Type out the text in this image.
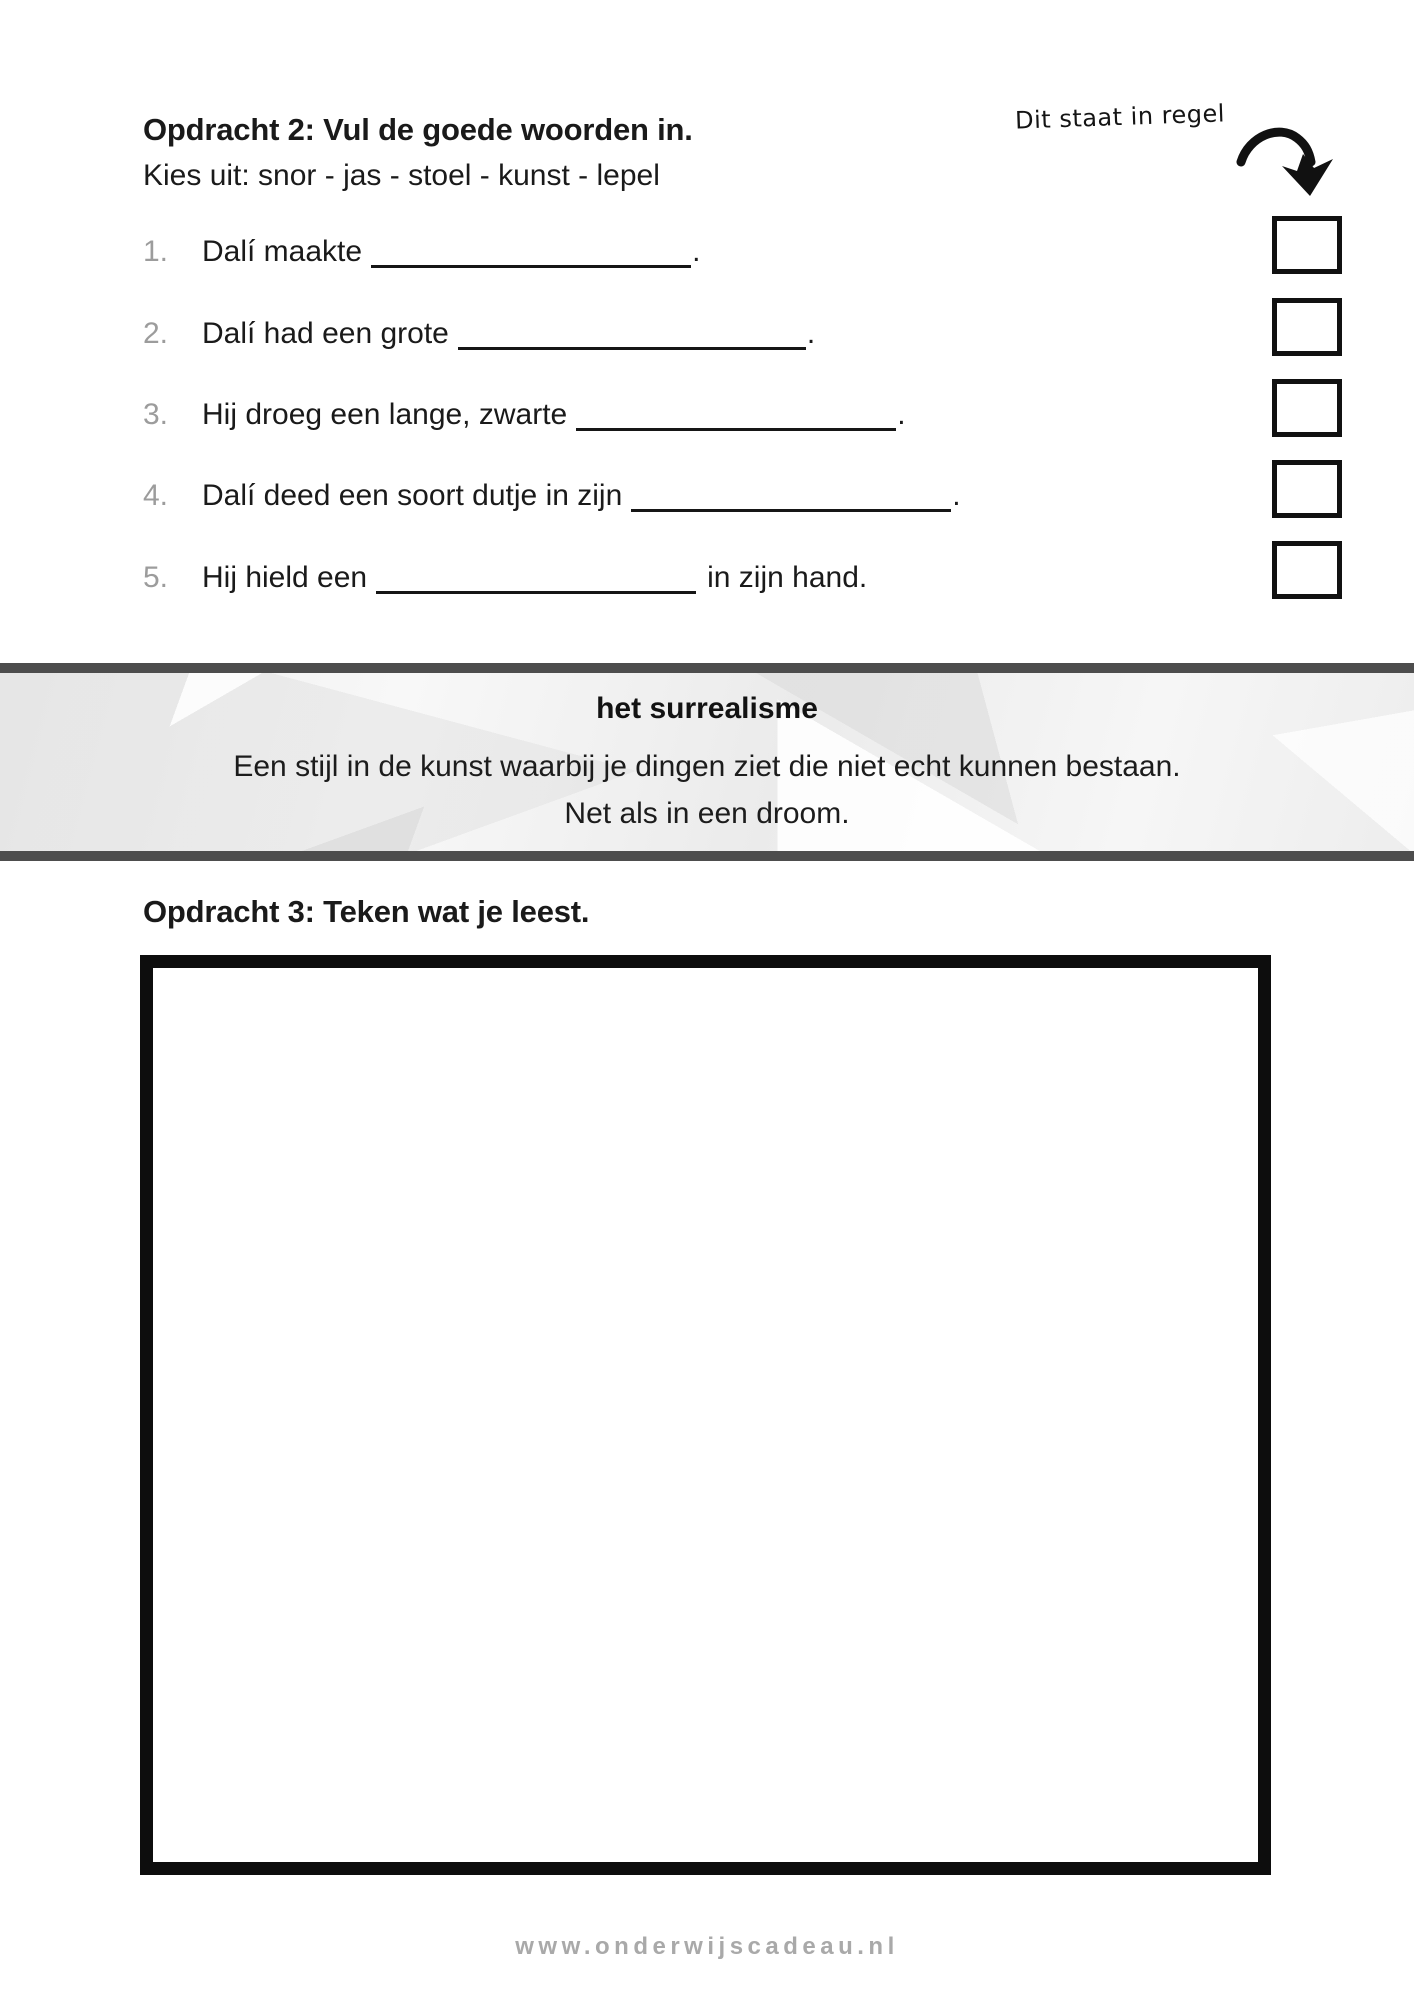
Opdracht 2: Vul de goede woorden in.

Kies uit: snor - jas - stoel - kunst - lepel

Dit staat in regel
1.	Dalí maakte	.
2.	Dalí had een grote	.
3.	Hij droeg een lange, zwarte	.
4.	Dalí deed een soort dutje in zijn	.
5.	Hij hield een	in zijn hand.
het surrealisme
Een stijl in de kunst waarbij je dingen ziet die niet echt kunnen bestaan.
Net als in een droom.
Opdracht 3: Teken wat je leest.
www.onderwijscadeau.nl
